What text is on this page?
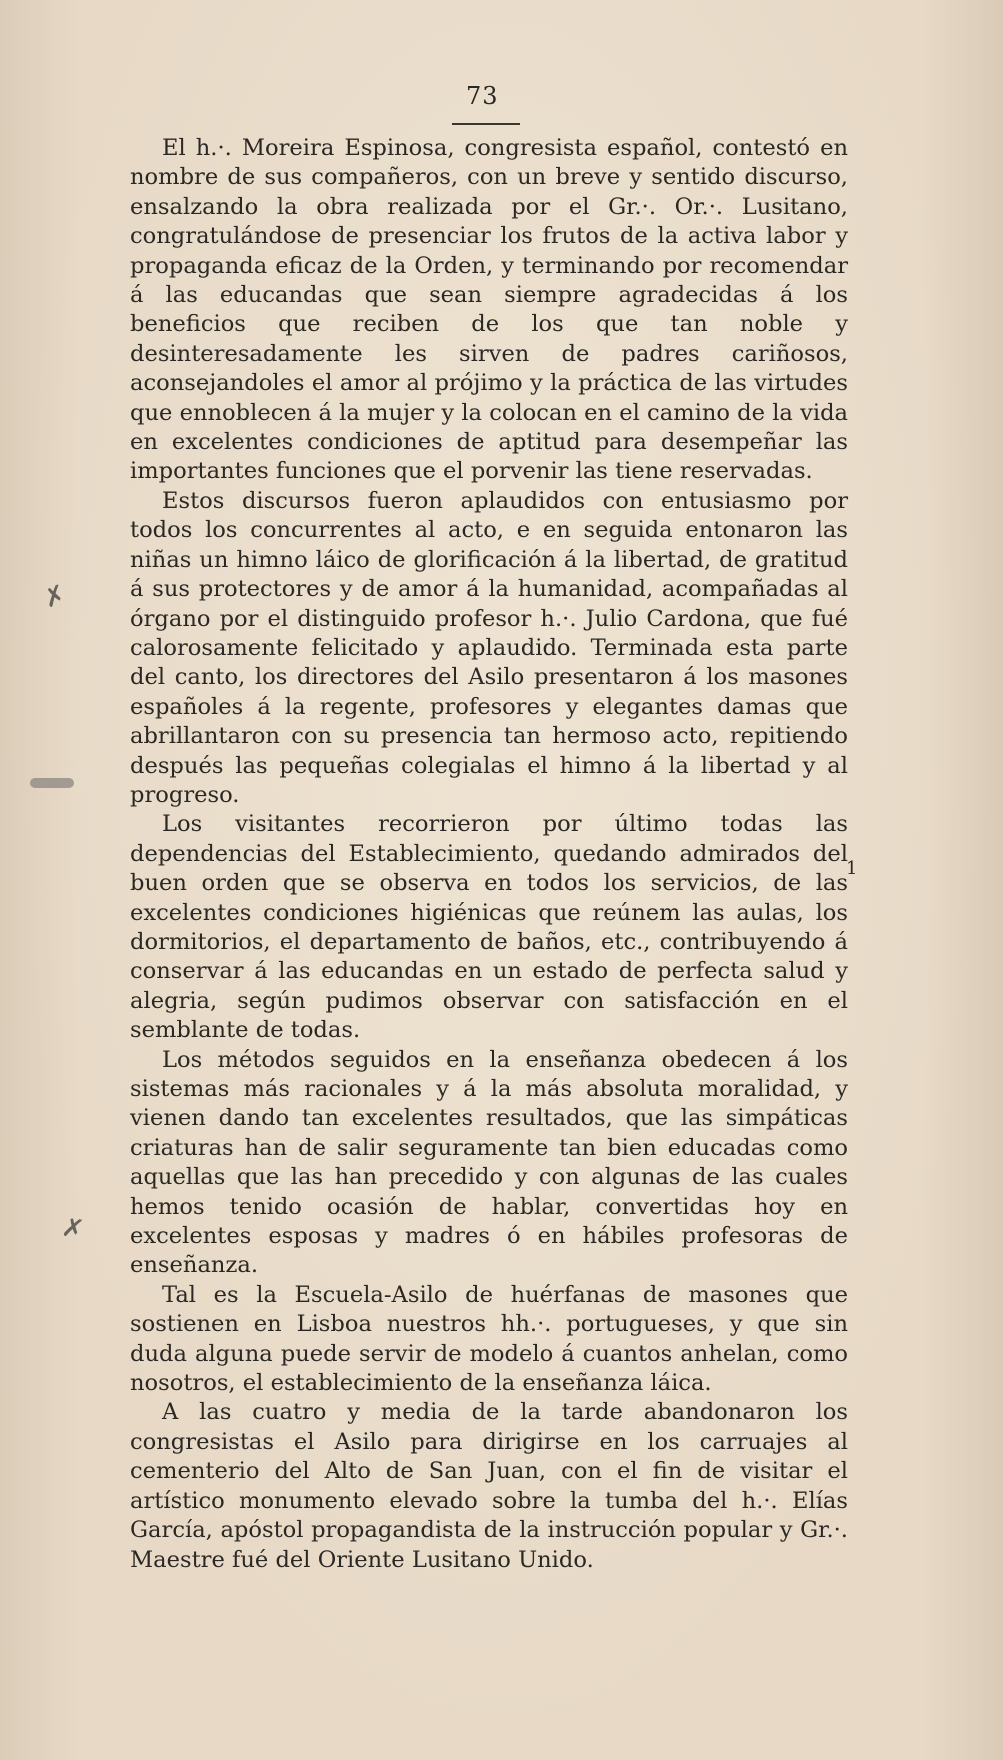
73
✗
✗
1

El h.·. Moreira Espinosa, congresista español, contestó en nombre de sus compañeros, con un breve y sentido discurso, ensalzando la obra realizada por el Gr.·. Or.·. Lusitano, congratulándose de presenciar los frutos de la activa labor y propaganda eficaz de la Orden, y terminando por recomendar á las educandas que sean siempre agradecidas á los beneficios que reciben de los que tan noble y desinteresadamente les sirven de padres cariñosos, aconsejandoles el amor al prójimo y la práctica de las virtudes que ennoblecen á la mujer y la colocan en el camino de la vida en excelentes condiciones de aptitud para desempeñar las importantes funciones que el porvenir las tiene reservadas.

Estos discursos fueron aplaudidos con entusiasmo por todos los concurrentes al acto, e en seguida entonaron las niñas un himno láico de glorificación á la libertad, de gratitud á sus protectores y de amor á la humanidad, acompañadas al órgano por el distinguido profesor h.·. Julio Cardona, que fué calorosamente felicitado y aplaudido. Terminada esta parte del canto, los directores del Asilo presentaron á los masones españoles á la regente, profesores y elegantes damas que abrillantaron con su presencia tan hermoso acto, repitiendo después las pequeñas colegialas el himno á la libertad y al progreso.

Los visitantes recorrieron por último todas las dependencias del Establecimiento, quedando admirados del buen orden que se observa en todos los servicios, de las excelentes condiciones higiénicas que reúnem las aulas, los dormitorios, el departamento de baños, etc., contribuyendo á conservar á las educandas en un estado de perfecta salud y alegria, según pudimos observar con satisfacción en el semblante de todas.

Los métodos seguidos en la enseñanza obedecen á los sistemas más racionales y á la más absoluta moralidad, y vienen dando tan excelentes resultados, que las simpáticas criaturas han de salir seguramente tan bien educadas como aquellas que las han precedido y con algunas de las cuales hemos tenido ocasión de hablar, convertidas hoy en excelentes esposas y madres ó en hábiles profesoras de enseñanza.

Tal es la Escuela-Asilo de huérfanas de masones que sostienen en Lisboa nuestros hh.·. portugueses, y que sin duda alguna puede servir de modelo á cuantos anhelan, como nosotros, el establecimiento de la enseñanza láica.

A las cuatro y media de la tarde abandonaron los congresistas el Asilo para dirigirse en los carruajes al cementerio del Alto de San Juan, con el fin de visitar el artístico monumento elevado sobre la tumba del h.·. Elías García, apóstol propagandista de la instrucción popular y Gr.·. Maestre fué del Oriente Lusitano Unido.
